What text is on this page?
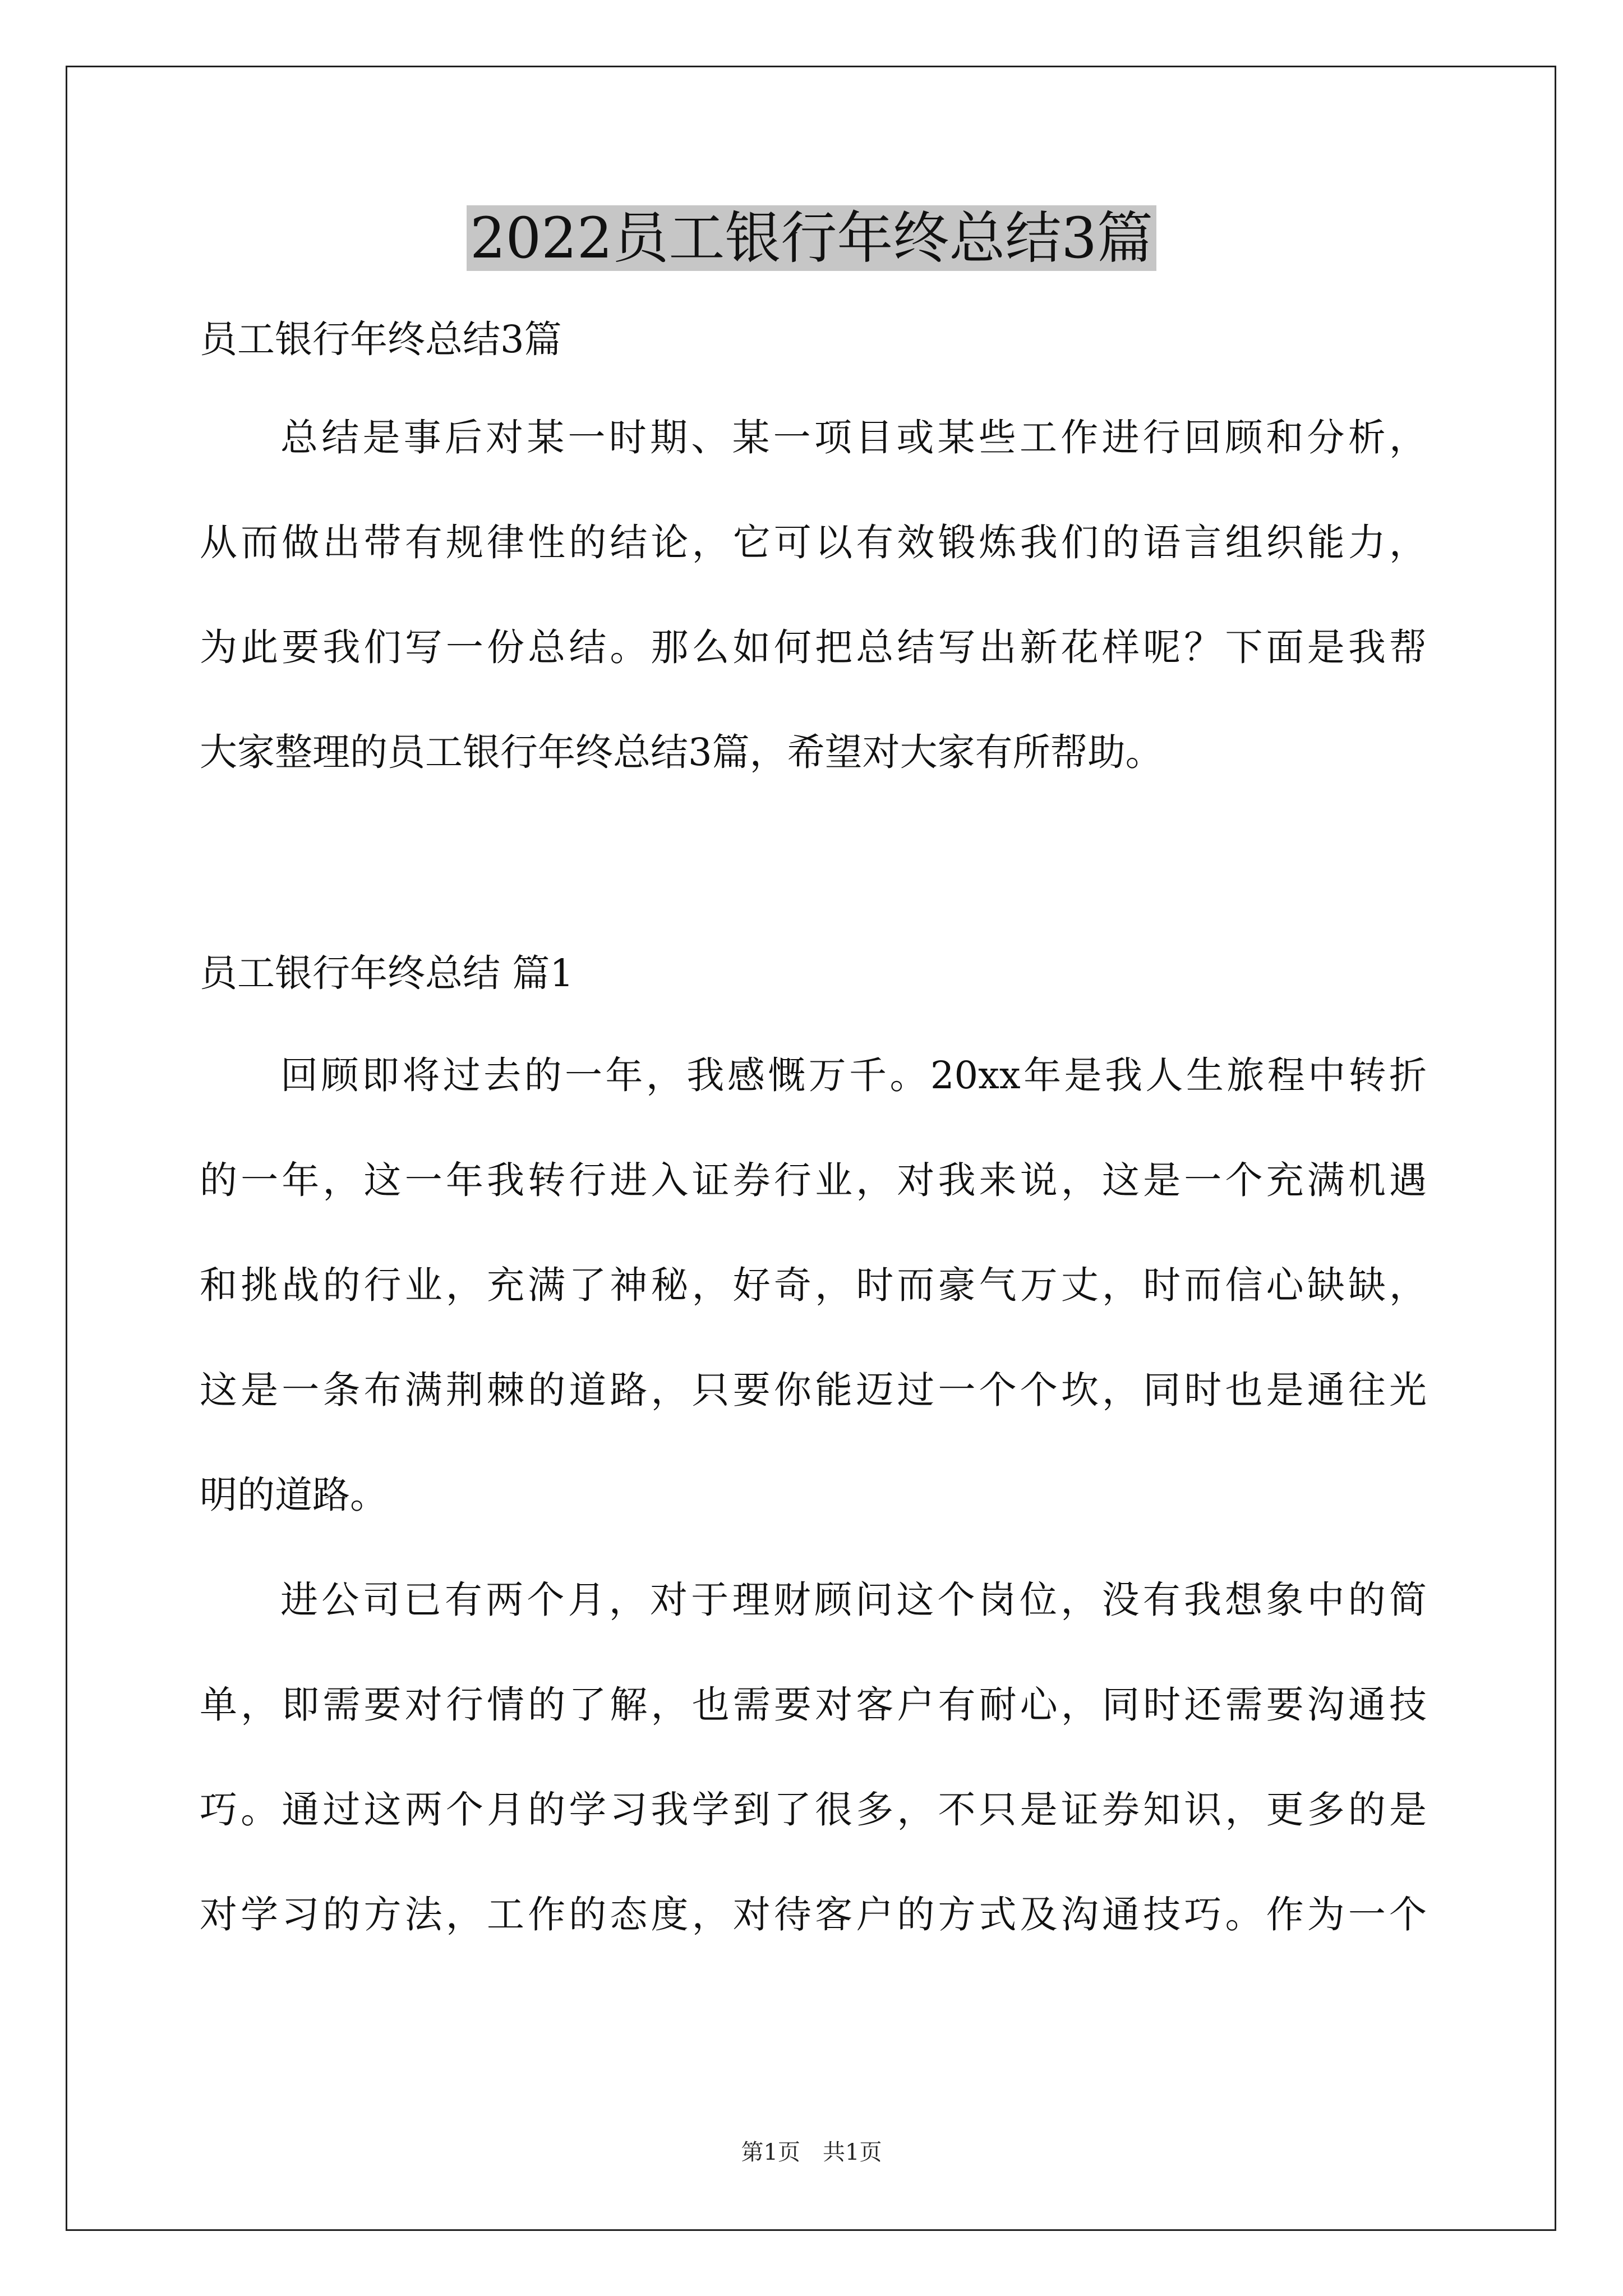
2022员工银行年终总结3篇
员工银行年终总结3篇
总结是事后对某一时期、某一项目或某些工作进行回顾和分析，
从而做出带有规律性的结论，它可以有效锻炼我们的语言组织能力，
为此要我们写一份总结。那么如何把总结写出新花样呢？下面是我帮
大家整理的员工银行年终总结3篇，希望对大家有所帮助。
员工银行年终总结 篇1
回顾即将过去的一年，我感慨万千。20xx年是我人生旅程中转折
的一年，这一年我转行进入证券行业，对我来说，这是一个充满机遇
和挑战的行业，充满了神秘，好奇，时而豪气万丈，时而信心缺缺，
这是一条布满荆棘的道路，只要你能迈过一个个坎，同时也是通往光
明的道路。
进公司已有两个月，对于理财顾问这个岗位，没有我想象中的简
单，即需要对行情的了解，也需要对客户有耐心，同时还需要沟通技
巧。通过这两个月的学习我学到了很多，不只是证券知识，更多的是
对学习的方法，工作的态度，对待客户的方式及沟通技巧。作为一个
第1页　共1页
